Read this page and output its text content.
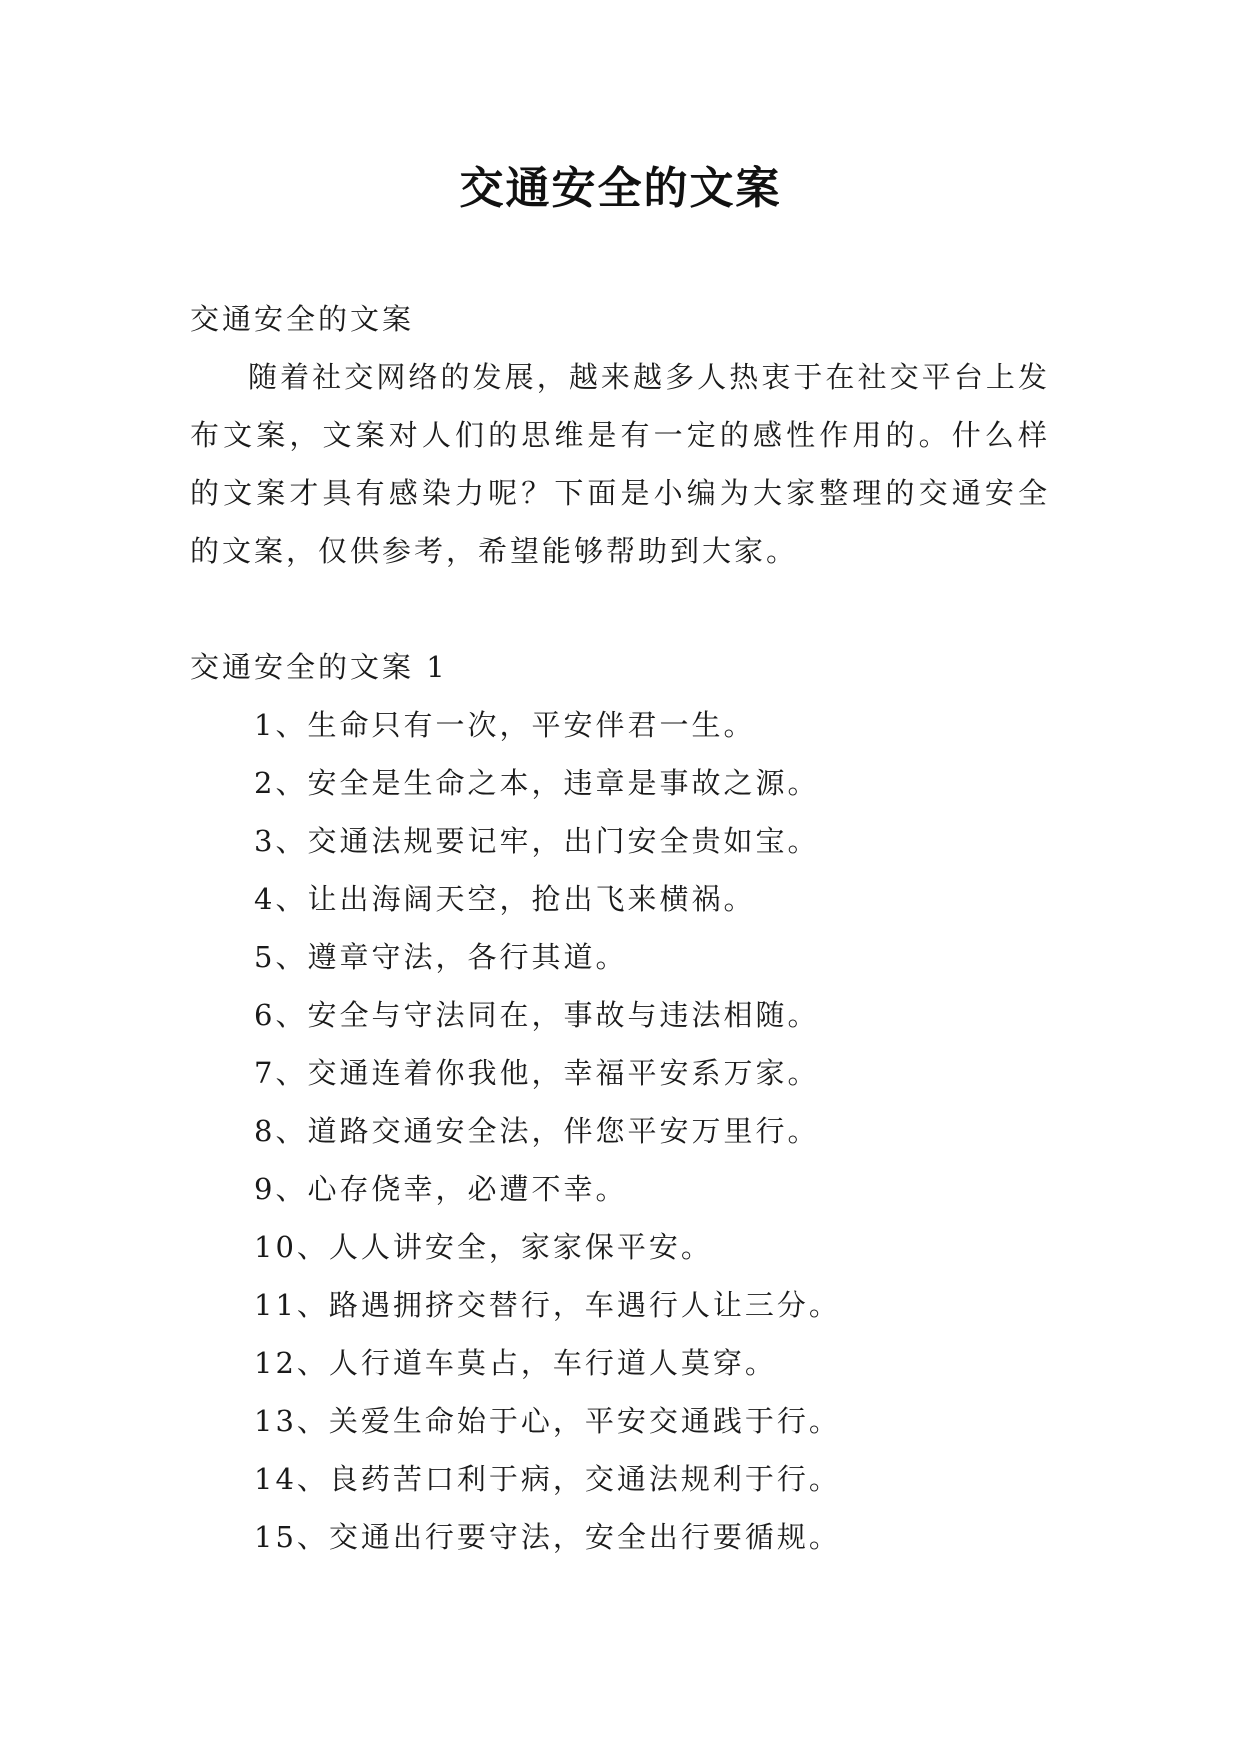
交通安全的文案

交通安全的文案

随着社交网络的发展，越来越多人热衷于在社交平台上发布文案，文案对人们的思维是有一定的感性作用的。什么样的文案才具有感染力呢？下面是小编为大家整理的交通安全的文案，仅供参考，希望能够帮助到大家。

交通安全的文案 1

1、生命只有一次，平安伴君一生。
2、安全是生命之本，违章是事故之源。
3、交通法规要记牢，出门安全贵如宝。
4、让出海阔天空，抢出飞来横祸。
5、遵章守法，各行其道。
6、安全与守法同在，事故与违法相随。
7、交通连着你我他，幸福平安系万家。
8、道路交通安全法，伴您平安万里行。
9、心存侥幸，必遭不幸。
10、人人讲安全，家家保平安。
11、路遇拥挤交替行，车遇行人让三分。
12、人行道车莫占，车行道人莫穿。
13、关爱生命始于心，平安交通践于行。
14、良药苦口利于病，交通法规利于行。
15、交通出行要守法，安全出行要循规。
